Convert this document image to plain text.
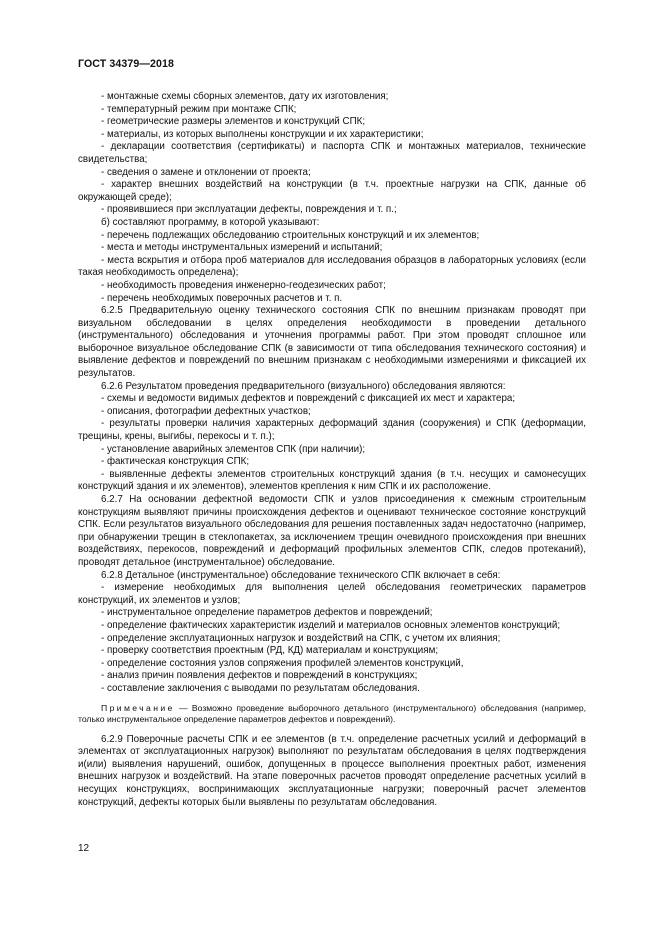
ГОСТ 34379—2018

- монтажные схемы сборных элементов, дату их изготовления;

- температурный режим при монтаже СПК;

- геометрические размеры элементов и конструкций СПК;

- материалы, из которых выполнены конструкции и их характеристики;

- декларации соответствия (сертификаты) и паспорта СПК и монтажных материалов, технические свидетельства;

- сведения о замене и отклонении от проекта;

- характер внешних воздействий на конструкции (в т.ч. проектные нагрузки на СПК, данные об окружающей среде);

- проявившиеся при эксплуатации дефекты, повреждения и т. п.;

б) составляют программу, в которой указывают:

- перечень подлежащих обследованию строительных конструкций и их элементов;

- места и методы инструментальных измерений и испытаний;

- места вскрытия и отбора проб материалов для исследования образцов в лабораторных условиях (если такая необходимость определена);

- необходимость проведения инженерно-геодезических работ;

- перечень необходимых поверочных расчетов и т. п.

6.2.5 Предварительную оценку технического состояния СПК по внешним признакам проводят при визуальном обследовании в целях определения необходимости в проведении детального (инструментального) обследования и уточнения программы работ. При этом проводят сплошное или выборочное визуальное обследование СПК (в зависимости от типа обследования технического состояния) и выявление дефектов и повреждений по внешним признакам с необходимыми измерениями и фиксацией их результатов.

6.2.6 Результатом проведения предварительного (визуального) обследования являются:

- схемы и ведомости видимых дефектов и повреждений с фиксацией их мест и характера;

- описания, фотографии дефектных участков;

- результаты проверки наличия характерных деформаций здания (сооружения) и СПК (деформации, трещины, крены, выгибы, перекосы и т. п.);

- установление аварийных элементов СПК (при наличии);

- фактическая конструкция СПК;

- выявленные дефекты элементов строительных конструкций здания (в т.ч. несущих и самонесущих конструкций здания и их элементов), элементов крепления к ним СПК и их расположение.

6.2.7 На основании дефектной ведомости СПК и узлов присоединения к смежным строительным конструкциям выявляют причины происхождения дефектов и оценивают техническое состояние конструкций СПК. Если результатов визуального обследования для решения поставленных задач недостаточно (например, при обнаружении трещин в стеклопакетах, за исключением трещин очевидного происхождения при внешних воздействиях, перекосов, повреждений и деформаций профильных элементов СПК, следов протеканий), проводят детальное (инструментальное) обследование.

6.2.8 Детальное (инструментальное) обследование технического СПК включает в себя:

- измерение необходимых для выполнения целей обследования геометрических параметров конструкций, их элементов и узлов;

- инструментальное определение параметров дефектов и повреждений;

- определение фактических характеристик изделий и материалов основных элементов конструкций;

- определение эксплуатационных нагрузок и воздействий на СПК, с учетом их влияния;

- проверку соответствия проектным (РД, КД) материалам и конструкциям;

- определение состояния узлов сопряжения профилей элементов конструкций,

- анализ причин появления дефектов и повреждений в конструкциях;

- составление заключения с выводами по результатам обследования.

Примечание — Возможно проведение выборочного детального (инструментального) обследования (например, только инструментальное определение параметров дефектов и повреждений).

6.2.9 Поверочные расчеты СПК и ее элементов (в т.ч. определение расчетных усилий и деформаций в элементах от эксплуатационных нагрузок) выполняют по результатам обследования в целях подтверждения и(или) выявления нарушений, ошибок, допущенных в процессе выполнения проектных работ, изменения внешних нагрузок и воздействий. На этапе поверочных расчетов проводят определение расчетных усилий в несущих конструкциях, воспринимающих эксплуатационные нагрузки; поверочный расчет элементов конструкций, дефекты которых были выявлены по результатам обследования.

12
